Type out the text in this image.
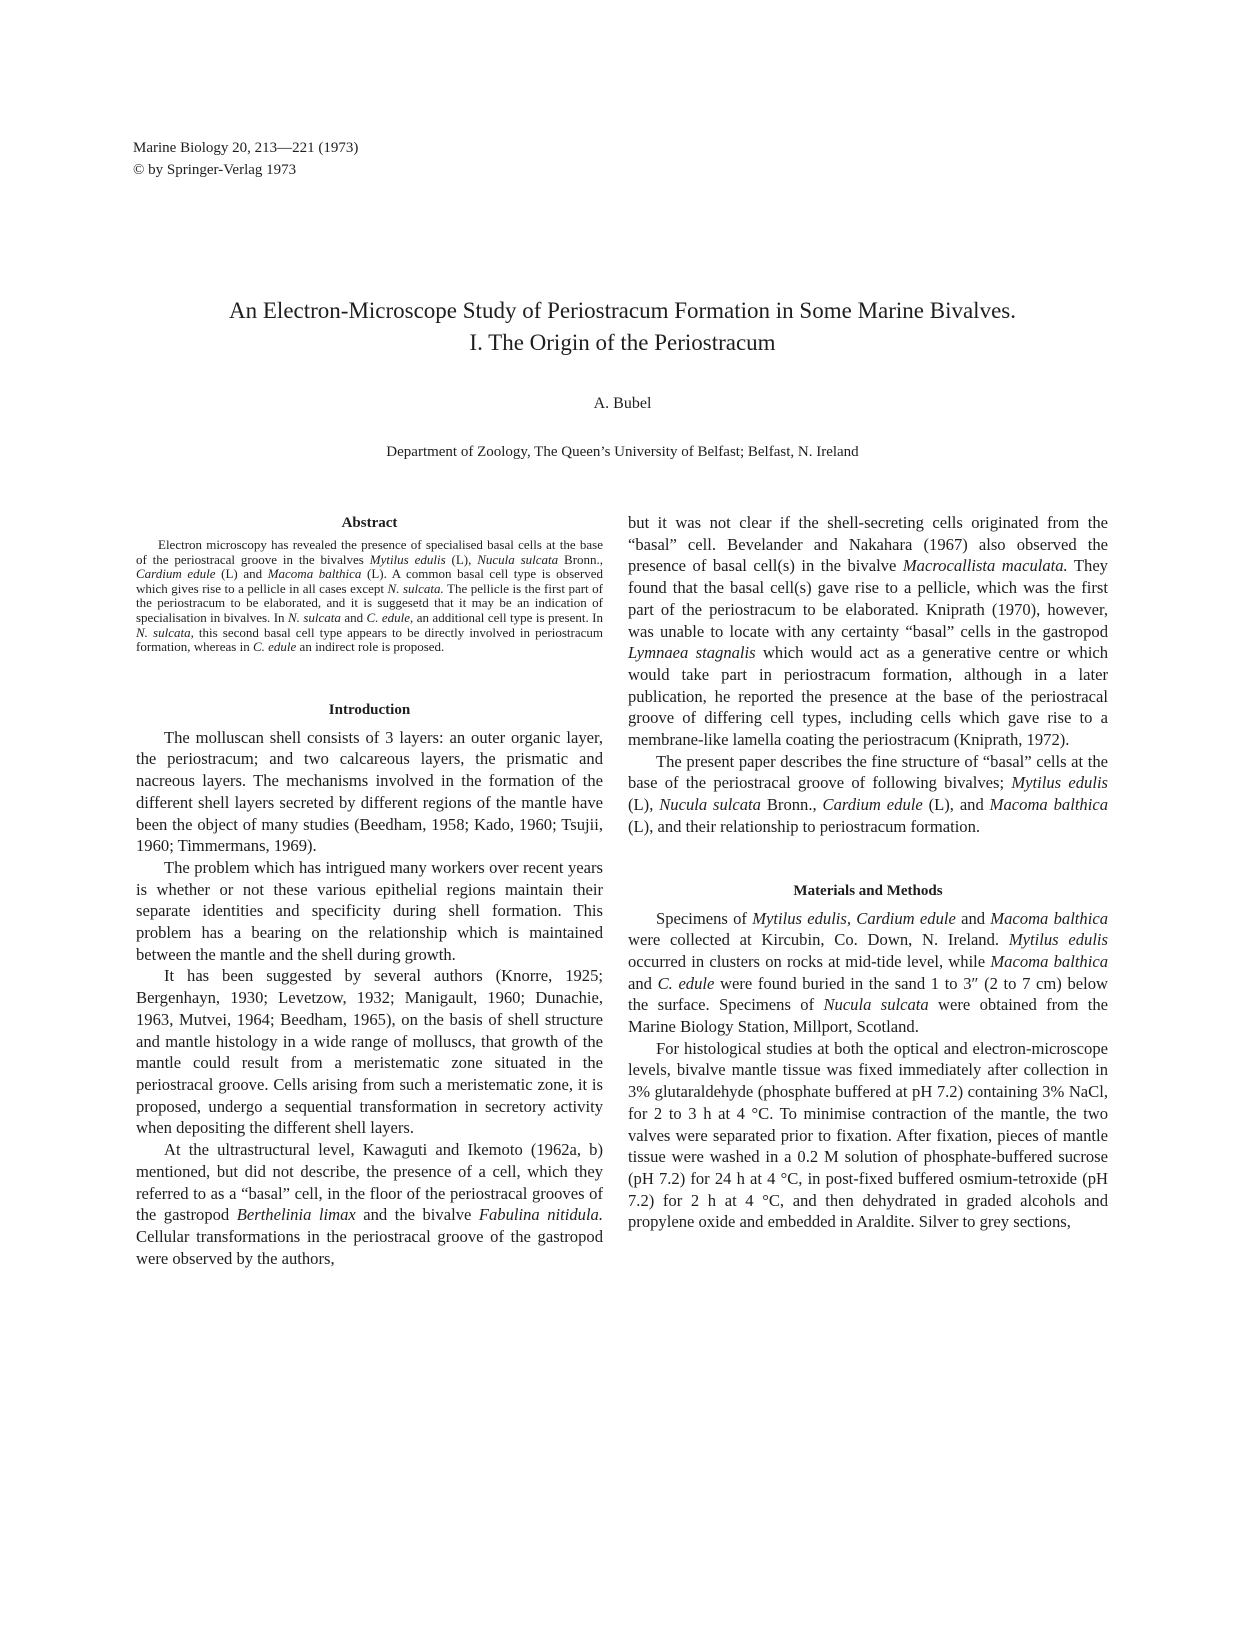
Marine Biology 20, 213—221 (1973)
© by Springer-Verlag 1973
An Electron-Microscope Study of Periostracum Formation in Some Marine Bivalves.
I. The Origin of the Periostracum
A. Bubel
Department of Zoology, The Queen’s University of Belfast; Belfast, N. Ireland
Abstract

Electron microscopy has revealed the presence of specialised basal cells at the base of the periostracal groove in the bivalves Mytilus edulis (L), Nucula sulcata Bronn., Cardium edule (L) and Macoma balthica (L). A common basal cell type is observed which gives rise to a pellicle in all cases except N. sulcata. The pellicle is the first part of the periostracum to be elaborated, and it is suggesetd that it may be an indication of specialisation in bivalves. In N. sulcata and C. edule, an additional cell type is present. In N. sulcata, this second basal cell type appears to be directly involved in periostracum formation, whereas in C. edule an indirect role is proposed.

Introduction

The molluscan shell consists of 3 layers: an outer organic layer, the periostracum; and two calcareous layers, the prismatic and nacreous layers. The mechanisms involved in the formation of the different shell layers secreted by different regions of the mantle have been the object of many studies (Beedham, 1958; Kado, 1960; Tsujii, 1960; Timmermans, 1969).

The problem which has intrigued many workers over recent years is whether or not these various epithelial regions maintain their separate identities and specificity during shell formation. This problem has a bearing on the relationship which is maintained between the mantle and the shell during growth.

It has been suggested by several authors (Knorre, 1925; Bergenhayn, 1930; Levetzow, 1932; Manigault, 1960; Dunachie, 1963, Mutvei, 1964; Beedham, 1965), on the basis of shell structure and mantle histology in a wide range of molluscs, that growth of the mantle could result from a meristematic zone situated in the periostracal groove. Cells arising from such a meristematic zone, it is proposed, undergo a sequential transformation in secretory activity when depositing the different shell layers.

At the ultrastructural level, Kawaguti and Ikemoto (1962a, b) mentioned, but did not describe, the presence of a cell, which they referred to as a “basal” cell, in the floor of the periostracal grooves of the gastropod Berthelinia limax and the bivalve Fabulina nitidula. Cellular transformations in the periostracal groove of the gastropod were observed by the authors,

but it was not clear if the shell-secreting cells originated from the “basal” cell. Bevelander and Nakahara (1967) also observed the presence of basal cell(s) in the bivalve Macrocallista maculata. They found that the basal cell(s) gave rise to a pellicle, which was the first part of the periostracum to be elaborated. Kniprath (1970), however, was unable to locate with any certainty “basal” cells in the gastropod Lymnaea stagnalis which would act as a generative centre or which would take part in periostracum formation, although in a later publication, he reported the presence at the base of the periostracal groove of differing cell types, including cells which gave rise to a membrane-like lamella coating the periostracum (Kniprath, 1972).

The present paper describes the fine structure of “basal” cells at the base of the periostracal groove of following bivalves; Mytilus edulis (L), Nucula sulcata Bronn., Cardium edule (L), and Macoma balthica (L), and their relationship to periostracum formation.

Materials and Methods

Specimens of Mytilus edulis, Cardium edule and Macoma balthica were collected at Kircubin, Co. Down, N. Ireland. Mytilus edulis occurred in clusters on rocks at mid-tide level, while Macoma balthica and C. edule were found buried in the sand 1 to 3″ (2 to 7 cm) below the surface. Specimens of Nucula sulcata were obtained from the Marine Biology Station, Millport, Scotland.

For histological studies at both the optical and electron-microscope levels, bivalve mantle tissue was fixed immediately after collection in 3% glutaraldehyde (phosphate buffered at pH 7.2) containing 3% NaCl, for 2 to 3 h at 4 °C. To minimise contraction of the mantle, the two valves were separated prior to fixation. After fixation, pieces of mantle tissue were washed in a 0.2 M solution of phosphate-buffered sucrose (pH 7.2) for 24 h at 4 °C, in post-fixed buffered osmium-tetroxide (pH 7.2) for 2 h at 4 °C, and then dehydrated in graded alcohols and propylene oxide and embedded in Araldite. Silver to grey sections,
